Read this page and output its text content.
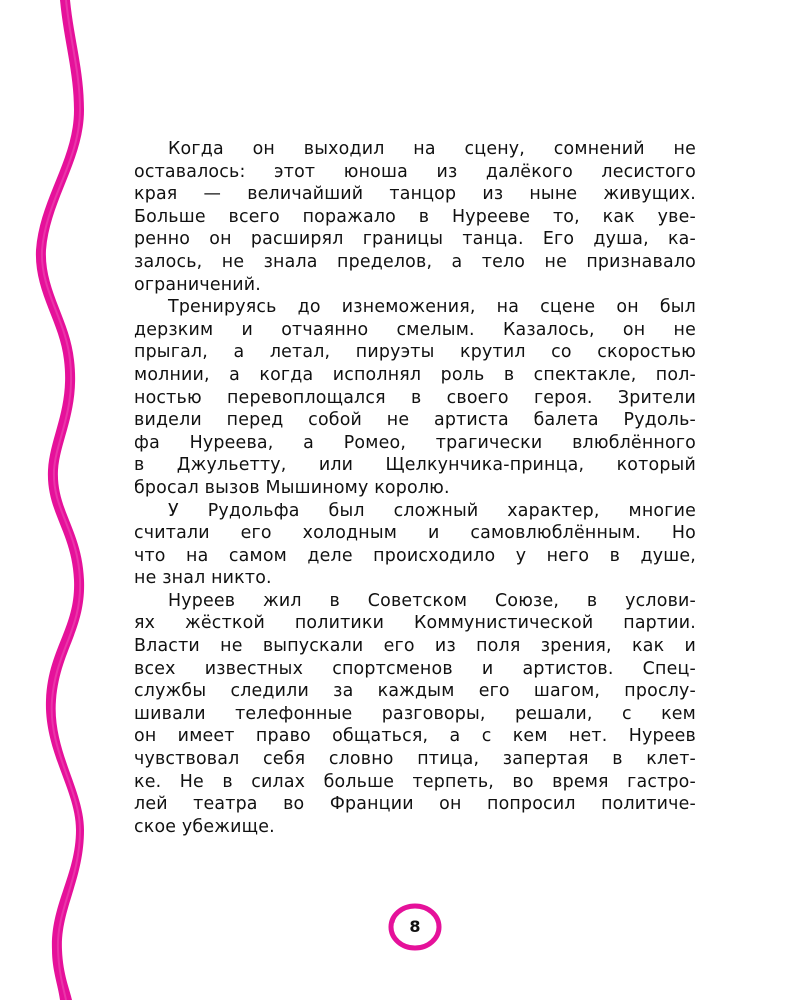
Когда он выходил на сцену, сомнений не
оставалось: этот юноша из далёкого лесистого
края — величайший танцор из ныне живущих.
Больше всего поражало в Нурееве то, как уве-
ренно он расширял границы танца. Его душа, ка-
залось, не знала пределов, а тело не признавало
ограничений.

Тренируясь до изнеможения, на сцене он был
дерзким и отчаянно смелым. Казалось, он не
прыгал, а летал, пируэты крутил со скоростью
молнии, а когда исполнял роль в спектакле, пол-
ностью перевоплощался в своего героя. Зрители
видели перед собой не артиста балета Рудоль-
фа Нуреева, а Ромео, трагически влюблённого
в Джульетту, или Щелкунчика-принца, который
бросал вызов Мышиному королю.

У Рудольфа был сложный характер, многие
считали его холодным и самовлюблённым. Но
что на самом деле происходило у него в душе,
не знал никто.

Нуреев жил в Советском Союзе, в услови-
ях жёсткой политики Коммунистической партии.
Власти не выпускали его из поля зрения, как и
всех известных спортсменов и артистов. Спец-
службы следили за каждым его шагом, прослу-
шивали телефонные разговоры, решали, с кем
он имеет право общаться, а с кем нет. Нуреев
чувствовал себя словно птица, запертая в клет-
ке. Не в силах больше терпеть, во время гастро-
лей театра во Франции он попросил политиче-
ское убежище.

8
